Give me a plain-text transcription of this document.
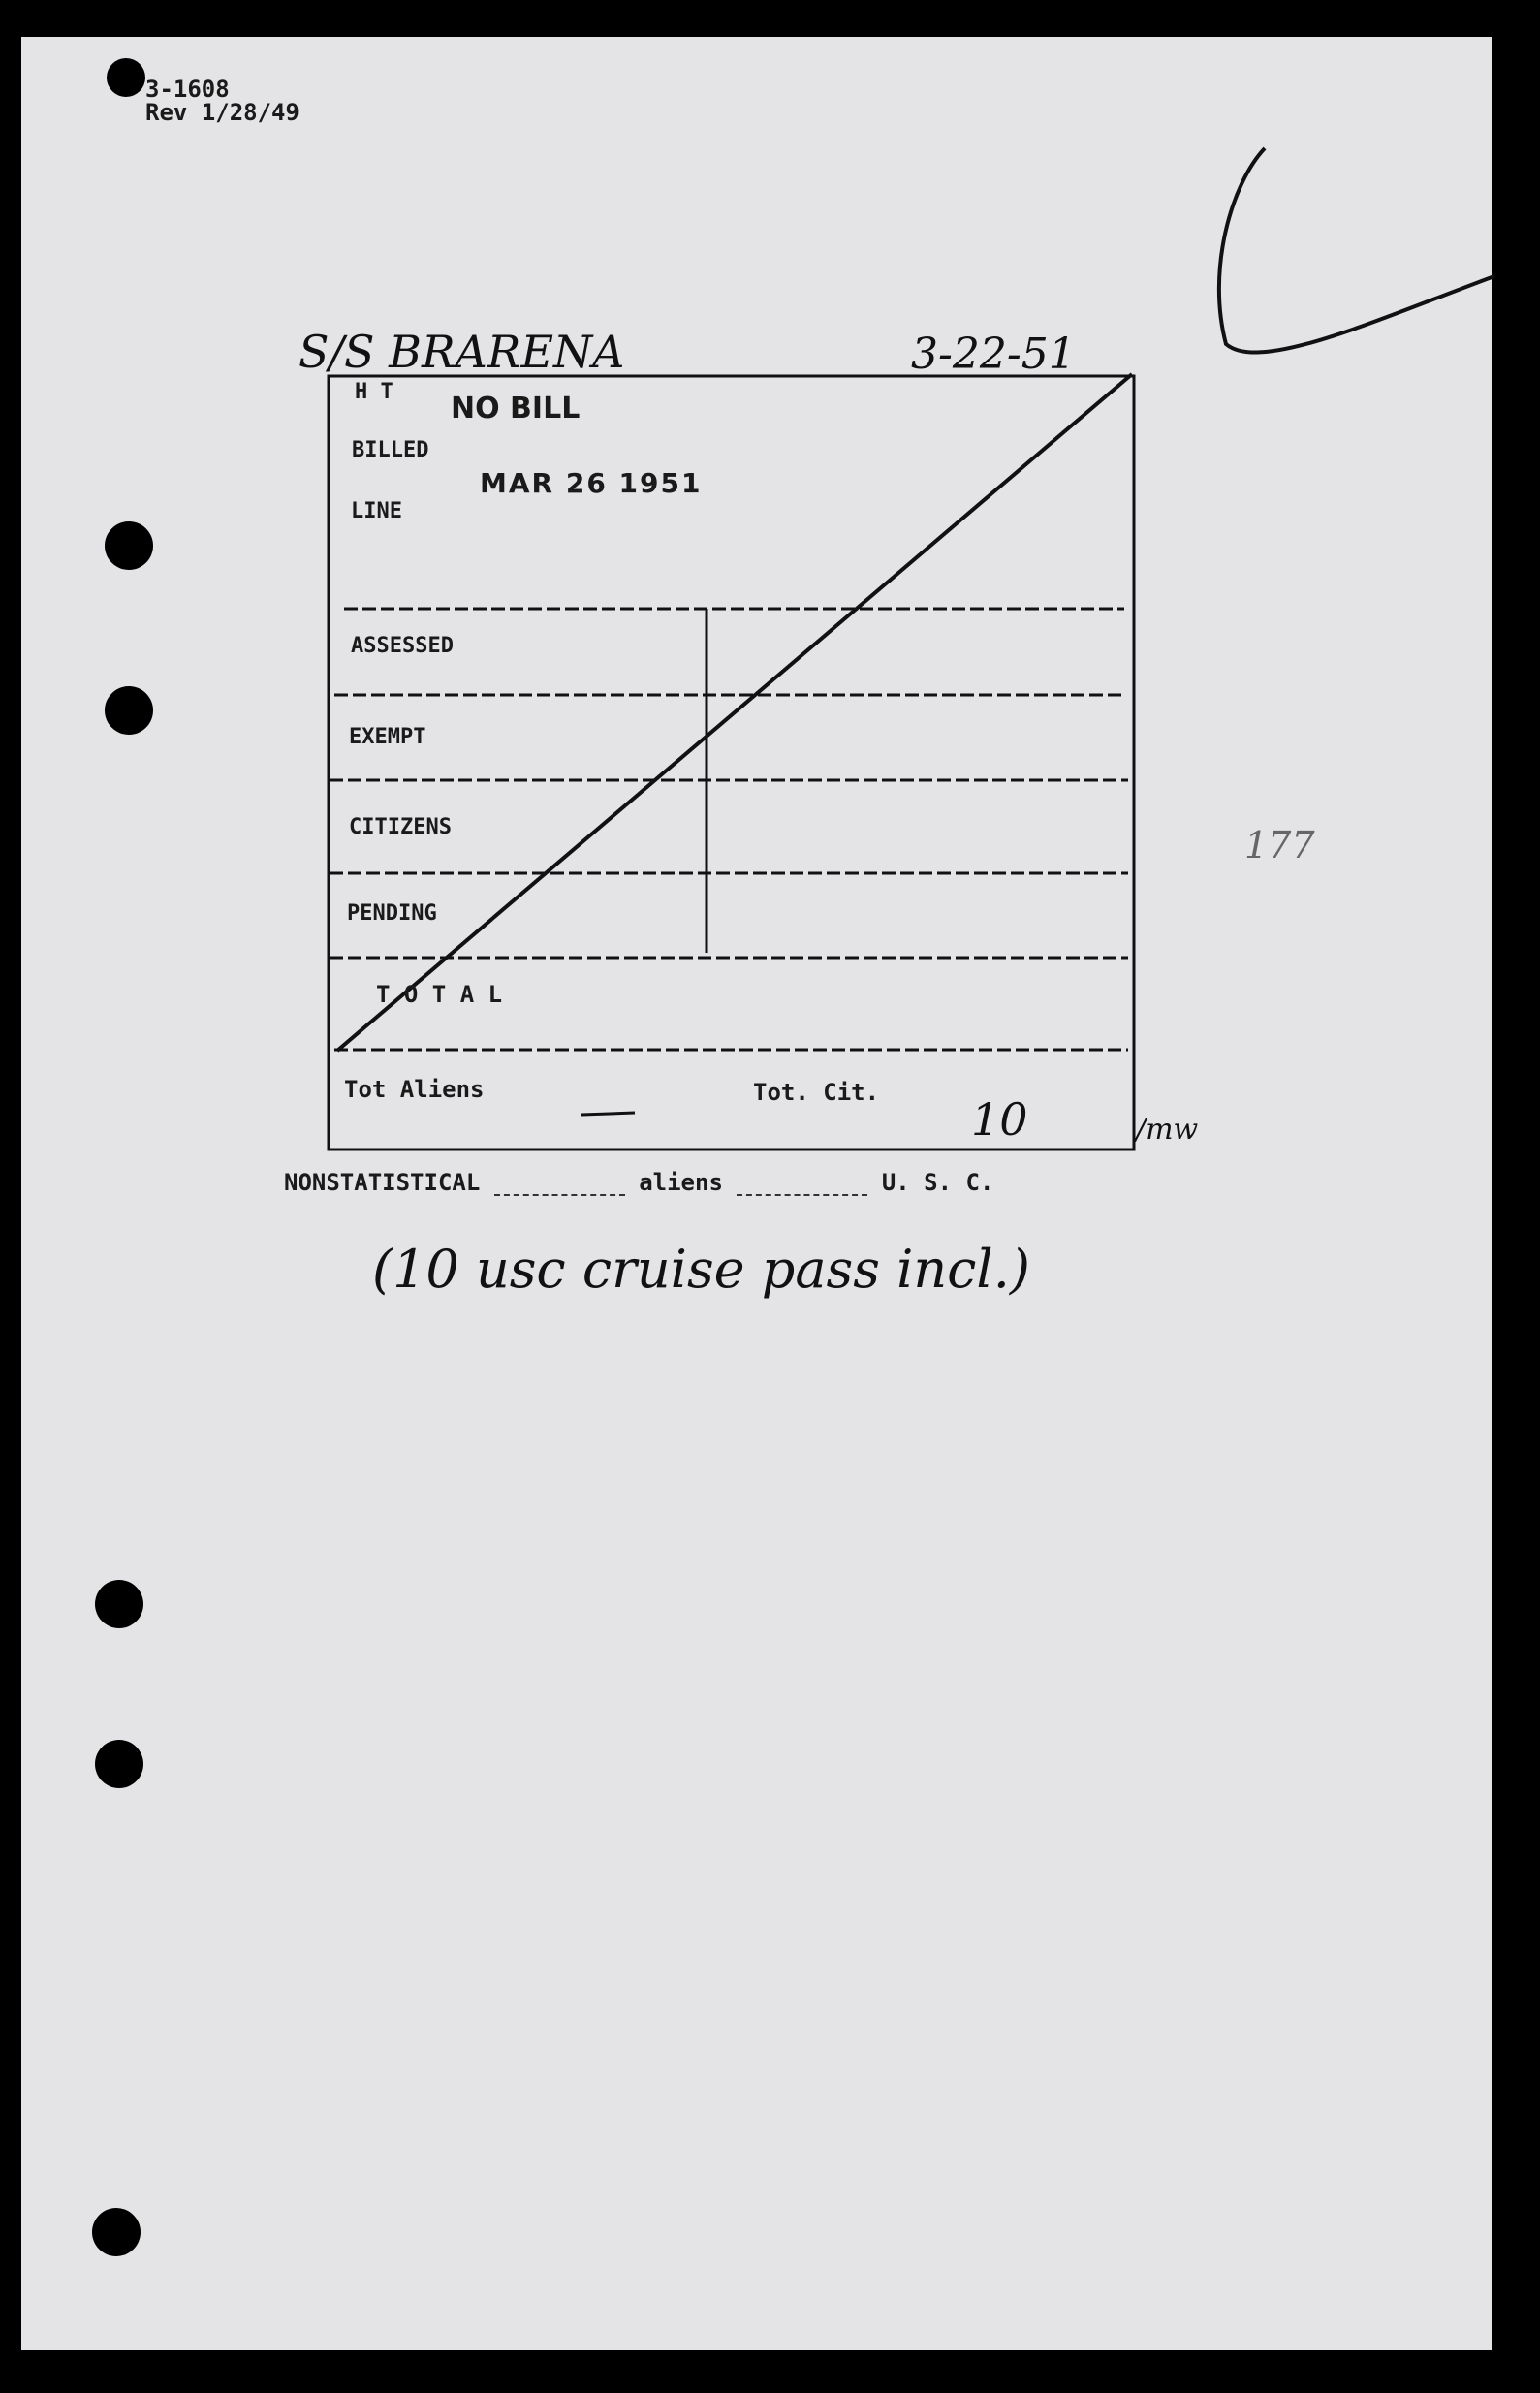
3-1608
Rev 1/28/49
S/S BRARENA	3-22-51
H T NO BILL
BILLED
MAR 26 1951
LINE
ASSESSED
EXEMPT
CITIZENS
PENDING
T O T A L
Tot Aliens	Tot. Cit.
10	/mw
177
NONSTATISTICAL	aliens	U. S. C.
(10 usc cruise pass incl.)
